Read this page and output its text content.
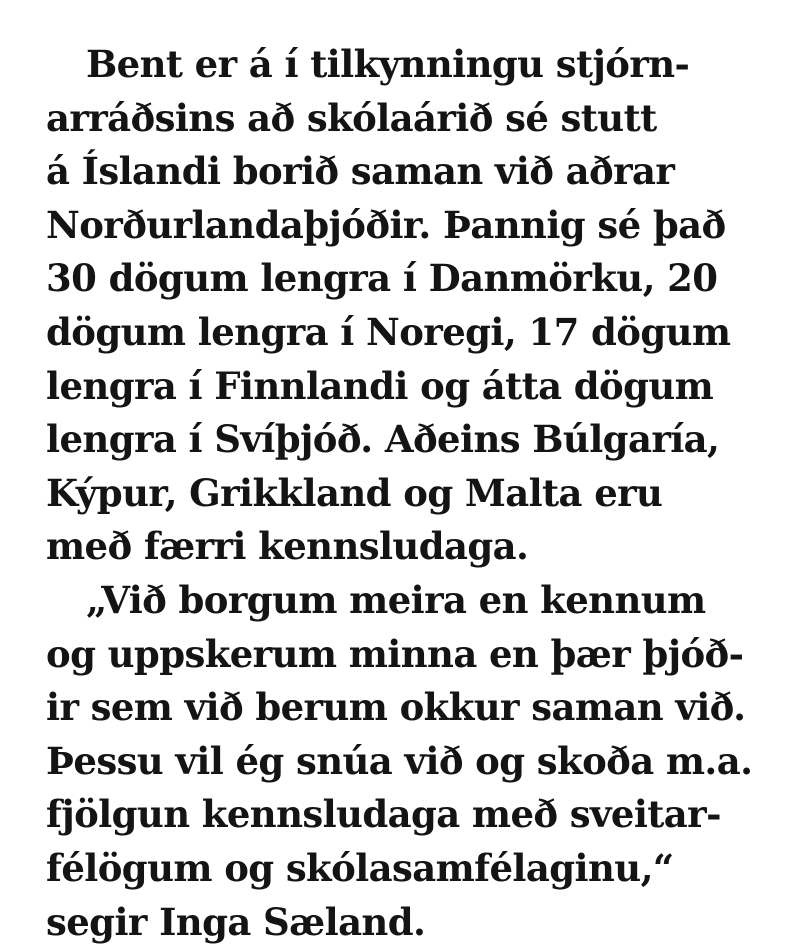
Bent er á í tilkynningu stjórn-
arráðsins að skólaárið sé stutt
á Íslandi borið saman við aðrar
Norðurlandaþjóðir. Þannig sé það
30 dögum lengra í Danmörku, 20
dögum lengra í Noregi, 17 dögum
lengra í Finnlandi og átta dögum
lengra í Svíþjóð. Aðeins Búlgaría,
Kýpur, Grikkland og Malta eru
með færri kennsludaga.
„Við borgum meira en kennum
og uppskerum minna en þær þjóð-
ir sem við berum okkur saman við.
Þessu vil ég snúa við og skoða m.a.
fjölgun kennsludaga með sveitar-
félögum og skólasamfélaginu,“
segir Inga Sæland.
